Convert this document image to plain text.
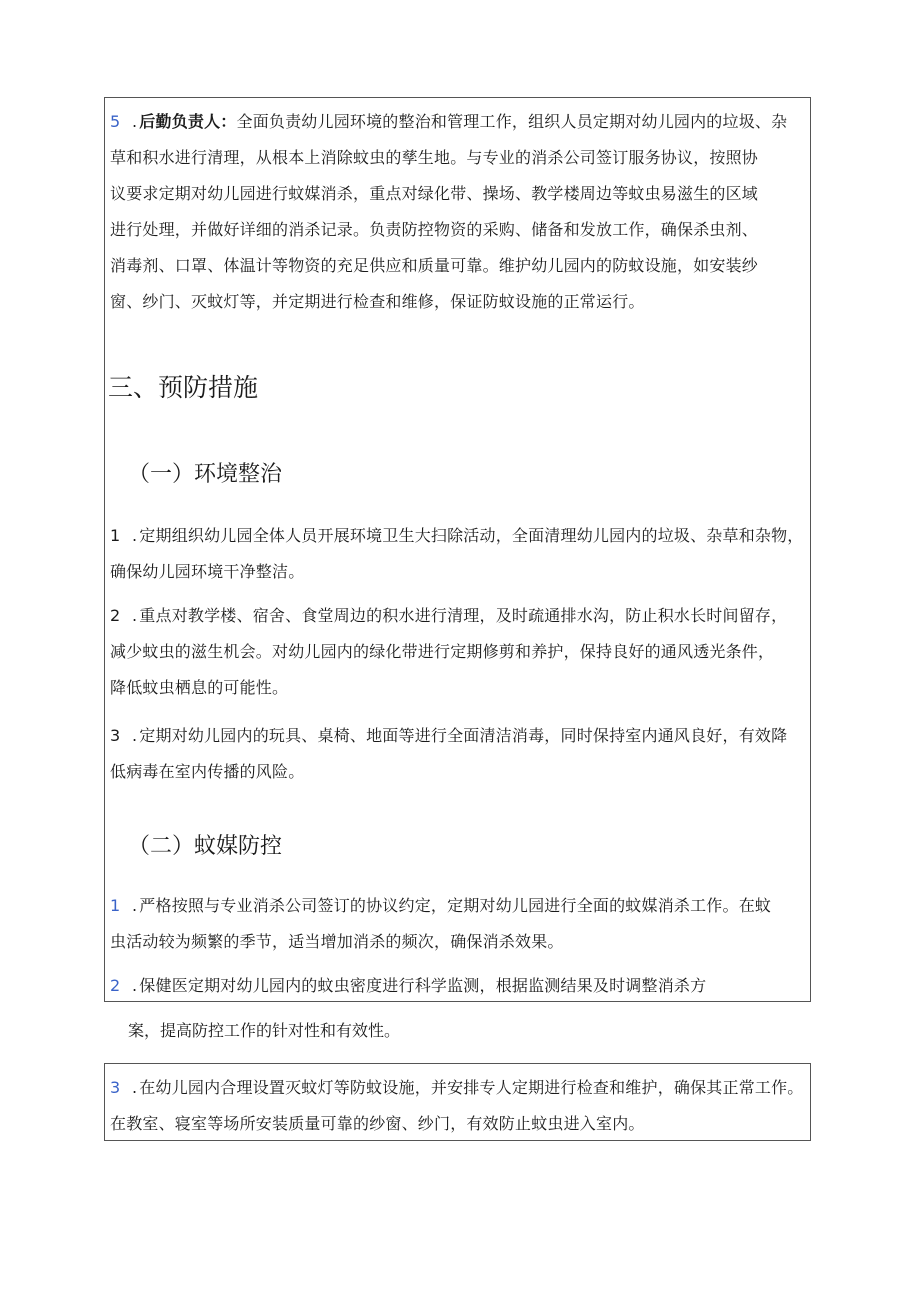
5 . 后勤负责人：全面负责幼儿园环境的整治和管理工作，组织人员定期对幼儿园内的垃圾、杂
草和积水进行清理，从根本上消除蚊虫的孳生地。与专业的消杀公司签订服务协议，按照协
议要求定期对幼儿园进行蚊媒消杀，重点对绿化带、操场、教学楼周边等蚊虫易滋生的区域
进行处理，并做好详细的消杀记录。负责防控物资的采购、储备和发放工作，确保杀虫剂、
消毒剂、口罩、体温计等物资的充足供应和质量可靠。维护幼儿园内的防蚊设施，如安装纱
窗、纱门、灭蚊灯等，并定期进行检查和维修，保证防蚊设施的正常运行。
三、预防措施
（一）环境整治
1 . 定期组织幼儿园全体人员开展环境卫生大扫除活动，全面清理幼儿园内的垃圾、杂草和杂物，
确保幼儿园环境干净整洁。
2 . 重点对教学楼、宿舍、食堂周边的积水进行清理，及时疏通排水沟，防止积水长时间留存，
减少蚊虫的滋生机会。对幼儿园内的绿化带进行定期修剪和养护，保持良好的通风透光条件，
降低蚊虫栖息的可能性。
3 . 定期对幼儿园内的玩具、桌椅、地面等进行全面清洁消毒，同时保持室内通风良好，有效降
低病毒在室内传播的风险。
（二）蚊媒防控
1 . 严格按照与专业消杀公司签订的协议约定，定期对幼儿园进行全面的蚊媒消杀工作。在蚊
虫活动较为频繁的季节，适当增加消杀的频次，确保消杀效果。
2 . 保健医定期对幼儿园内的蚊虫密度进行科学监测，根据监测结果及时调整消杀方
案，提高防控工作的针对性和有效性。
3 . 在幼儿园内合理设置灭蚊灯等防蚊设施，并安排专人定期进行检查和维护，确保其正常工作。
在教室、寝室等场所安装质量可靠的纱窗、纱门，有效防止蚊虫进入室内。
